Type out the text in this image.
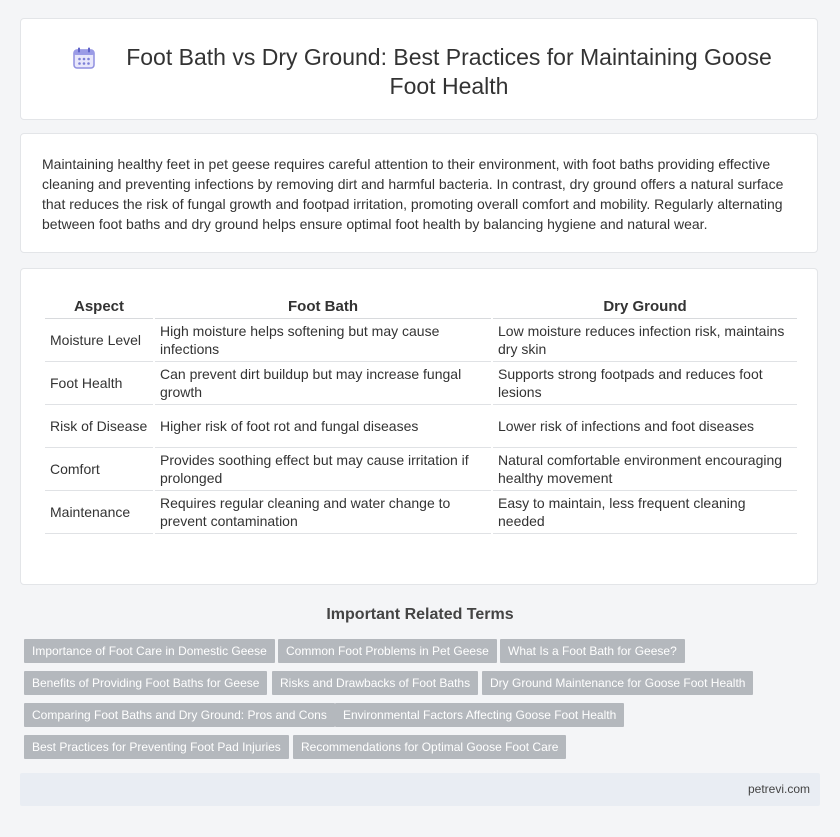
Foot Bath vs Dry Ground: Best Practices for Maintaining Goose Foot Health

Maintaining healthy feet in pet geese requires careful attention to their environment, with foot baths providing effective cleaning and preventing infections by removing dirt and harmful bacteria. In contrast, dry ground offers a natural surface that reduces the risk of fungal growth and footpad irritation, promoting overall comfort and mobility. Regularly alternating between foot baths and dry ground helps ensure optimal foot health by balancing hygiene and natural wear.

Aspect	Foot Bath	Dry Ground
Moisture Level	High moisture helps softening but may cause infections	Low moisture reduces infection risk, maintains dry skin
Foot Health	Can prevent dirt buildup but may increase fungal growth	Supports strong footpads and reduces foot lesions
Risk of Disease	Higher risk of foot rot and fungal diseases	Lower risk of infections and foot diseases
Comfort	Provides soothing effect but may cause irritation if prolonged	Natural comfortable environment encouraging healthy movement
Maintenance	Requires regular cleaning and water change to prevent contamination	Easy to maintain, less frequent cleaning needed
Important Related Terms
Importance of Foot Care in Domestic Geese	Common Foot Problems in Pet Geese	What Is a Foot Bath for Geese?
Benefits of Providing Foot Baths for Geese	Risks and Drawbacks of Foot Baths	Dry Ground Maintenance for Goose Foot Health
Comparing Foot Baths and Dry Ground: Pros and Cons	Environmental Factors Affecting Goose Foot Health
Best Practices for Preventing Foot Pad Injuries	Recommendations for Optimal Goose Foot Care
petrevi.com
